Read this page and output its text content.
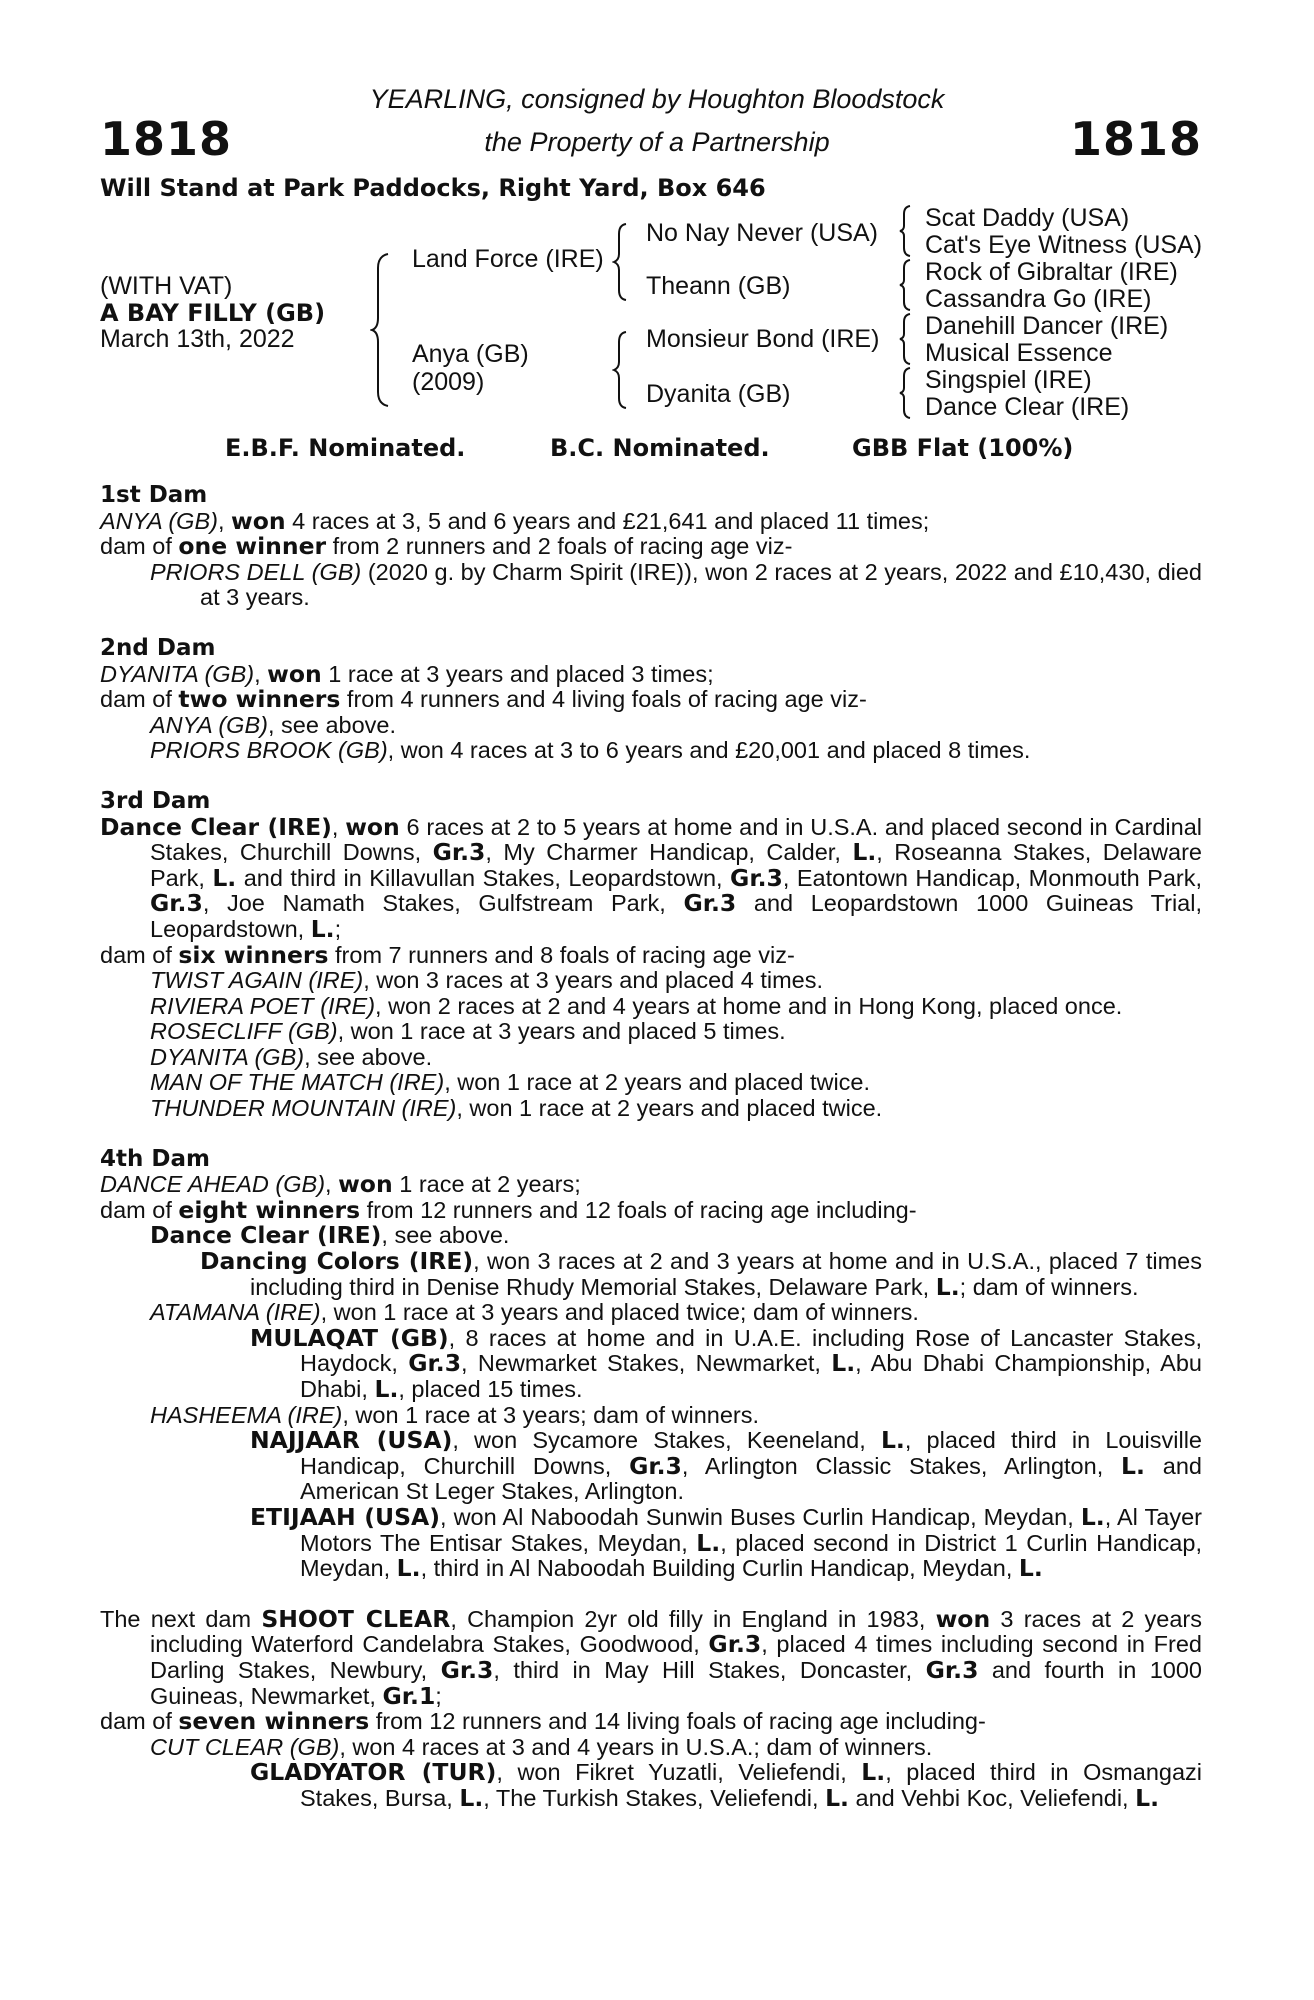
1818	1818
YEARLING, consigned by Houghton Bloodstock
the Property of a Partnership
Will Stand at Park Paddocks, Right Yard, Box 646
(WITH VAT)
A BAY FILLY (GB)
March 13th, 2022
Land Force (IRE)
Anya (GB)
(2009)
No Nay Never (USA)
Theann (GB)
Monsieur Bond (IRE)
Dyanita (GB)
Scat Daddy (USA)
Cat's Eye Witness (USA)
Rock of Gibraltar (IRE)
Cassandra Go (IRE)
Danehill Dancer (IRE)
Musical Essence
Singspiel (IRE)
Dance Clear (IRE)
E.B.F. Nominated.	B.C. Nominated.	GBB Flat (100%)
1st Dam

ANYA (GB), won 4 races at 3, 5 and 6 years and £21,641 and placed 11 times;

dam of one winner from 2 runners and 2 foals of racing age viz-

PRIORS DELL (GB) (2020 g. by Charm Spirit (IRE)), won 2 races at 2 years, 2022 and £10,430, died at 3 years.

2nd Dam

DYANITA (GB), won 1 race at 3 years and placed 3 times;

dam of two winners from 4 runners and 4 living foals of racing age viz-

ANYA (GB), see above.

PRIORS BROOK (GB), won 4 races at 3 to 6 years and £20,001 and placed 8 times.

3rd Dam

Dance Clear (IRE), won 6 races at 2 to 5 years at home and in U.S.A. and placed second in Cardinal Stakes, Churchill Downs, Gr.3, My Charmer Handicap, Calder, L., Roseanna Stakes, Delaware Park, L. and third in Killavullan Stakes, Leopardstown, Gr.3, Eatontown Handicap, Monmouth Park, Gr.3, Joe Namath Stakes, Gulfstream Park, Gr.3 and Leopardstown 1000 Guineas Trial, Leopardstown, L.;

dam of six winners from 7 runners and 8 foals of racing age viz-

TWIST AGAIN (IRE), won 3 races at 3 years and placed 4 times.

RIVIERA POET (IRE), won 2 races at 2 and 4 years at home and in Hong Kong, placed once.

ROSECLIFF (GB), won 1 race at 3 years and placed 5 times.

DYANITA (GB), see above.

MAN OF THE MATCH (IRE), won 1 race at 2 years and placed twice.

THUNDER MOUNTAIN (IRE), won 1 race at 2 years and placed twice.

4th Dam

DANCE AHEAD (GB), won 1 race at 2 years;

dam of eight winners from 12 runners and 12 foals of racing age including-

Dance Clear (IRE), see above.

Dancing Colors (IRE), won 3 races at 2 and 3 years at home and in U.S.A., placed 7 times including third in Denise Rhudy Memorial Stakes, Delaware Park, L.; dam of winners.

ATAMANA (IRE), won 1 race at 3 years and placed twice; dam of winners.

MULAQAT (GB), 8 races at home and in U.A.E. including Rose of Lancaster Stakes, Haydock, Gr.3, Newmarket Stakes, Newmarket, L., Abu Dhabi Championship, Abu Dhabi, L., placed 15 times.

HASHEEMA (IRE), won 1 race at 3 years; dam of winners.

NAJJAAR (USA), won Sycamore Stakes, Keeneland, L., placed third in Louisville Handicap, Churchill Downs, Gr.3, Arlington Classic Stakes, Arlington, L. and American St Leger Stakes, Arlington.

ETIJAAH (USA), won Al Naboodah Sunwin Buses Curlin Handicap, Meydan, L., Al Tayer Motors The Entisar Stakes, Meydan, L., placed second in District 1 Curlin Handicap, Meydan, L., third in Al Naboodah Building Curlin Handicap, Meydan, L.

The next dam SHOOT CLEAR, Champion 2yr old filly in England in 1983, won 3 races at 2 years including Waterford Candelabra Stakes, Goodwood, Gr.3, placed 4 times including second in Fred Darling Stakes, Newbury, Gr.3, third in May Hill Stakes, Doncaster, Gr.3 and fourth in 1000 Guineas, Newmarket, Gr.1;

dam of seven winners from 12 runners and 14 living foals of racing age including-

CUT CLEAR (GB), won 4 races at 3 and 4 years in U.S.A.; dam of winners.

GLADYATOR (TUR), won Fikret Yuzatli, Veliefendi, L., placed third in Osmangazi Stakes, Bursa, L., The Turkish Stakes, Veliefendi, L. and Vehbi Koc, Veliefendi, L.
